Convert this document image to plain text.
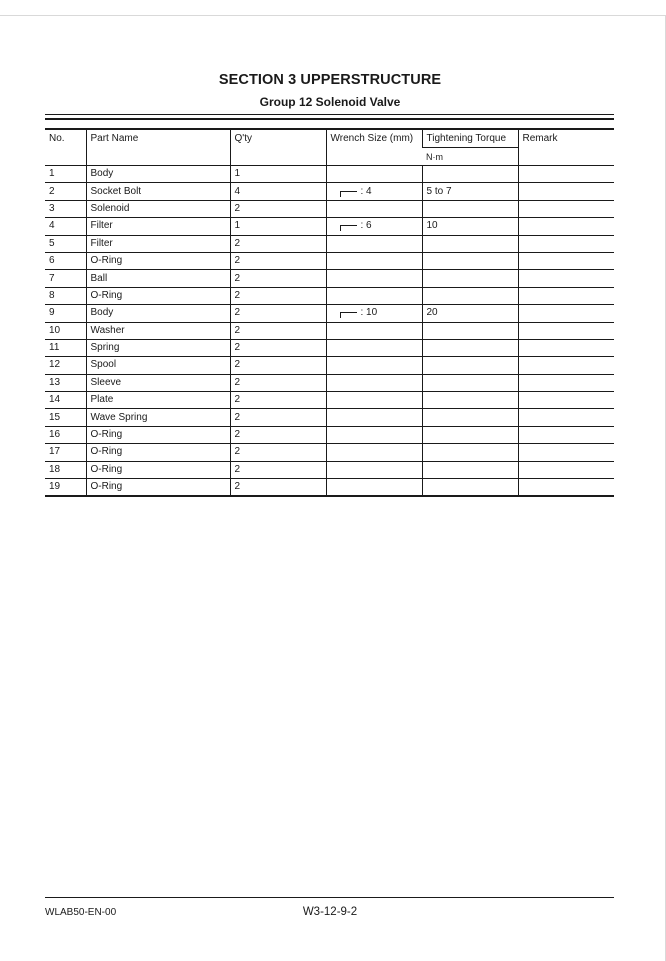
SECTION 3 UPPERSTRUCTURE
Group 12 Solenoid Valve
No.	Part Name	Q'ty	Wrench Size (mm)	Tightening Torque	Remark
				N·m	
1	Body	1			
2	Socket Bolt	4	: 4	5 to 7	
3	Solenoid	2			
4	Filter	1	: 6	10	
5	Filter	2			
6	O-Ring	2			
7	Ball	2			
8	O-Ring	2			
9	Body	2	: 10	20	
10	Washer	2			
11	Spring	2			
12	Spool	2			
13	Sleeve	2			
14	Plate	2			
15	Wave Spring	2			
16	O-Ring	2			
17	O-Ring	2			
18	O-Ring	2			
19	O-Ring	2			
WLAB50-EN-00	W3-12-9-2
